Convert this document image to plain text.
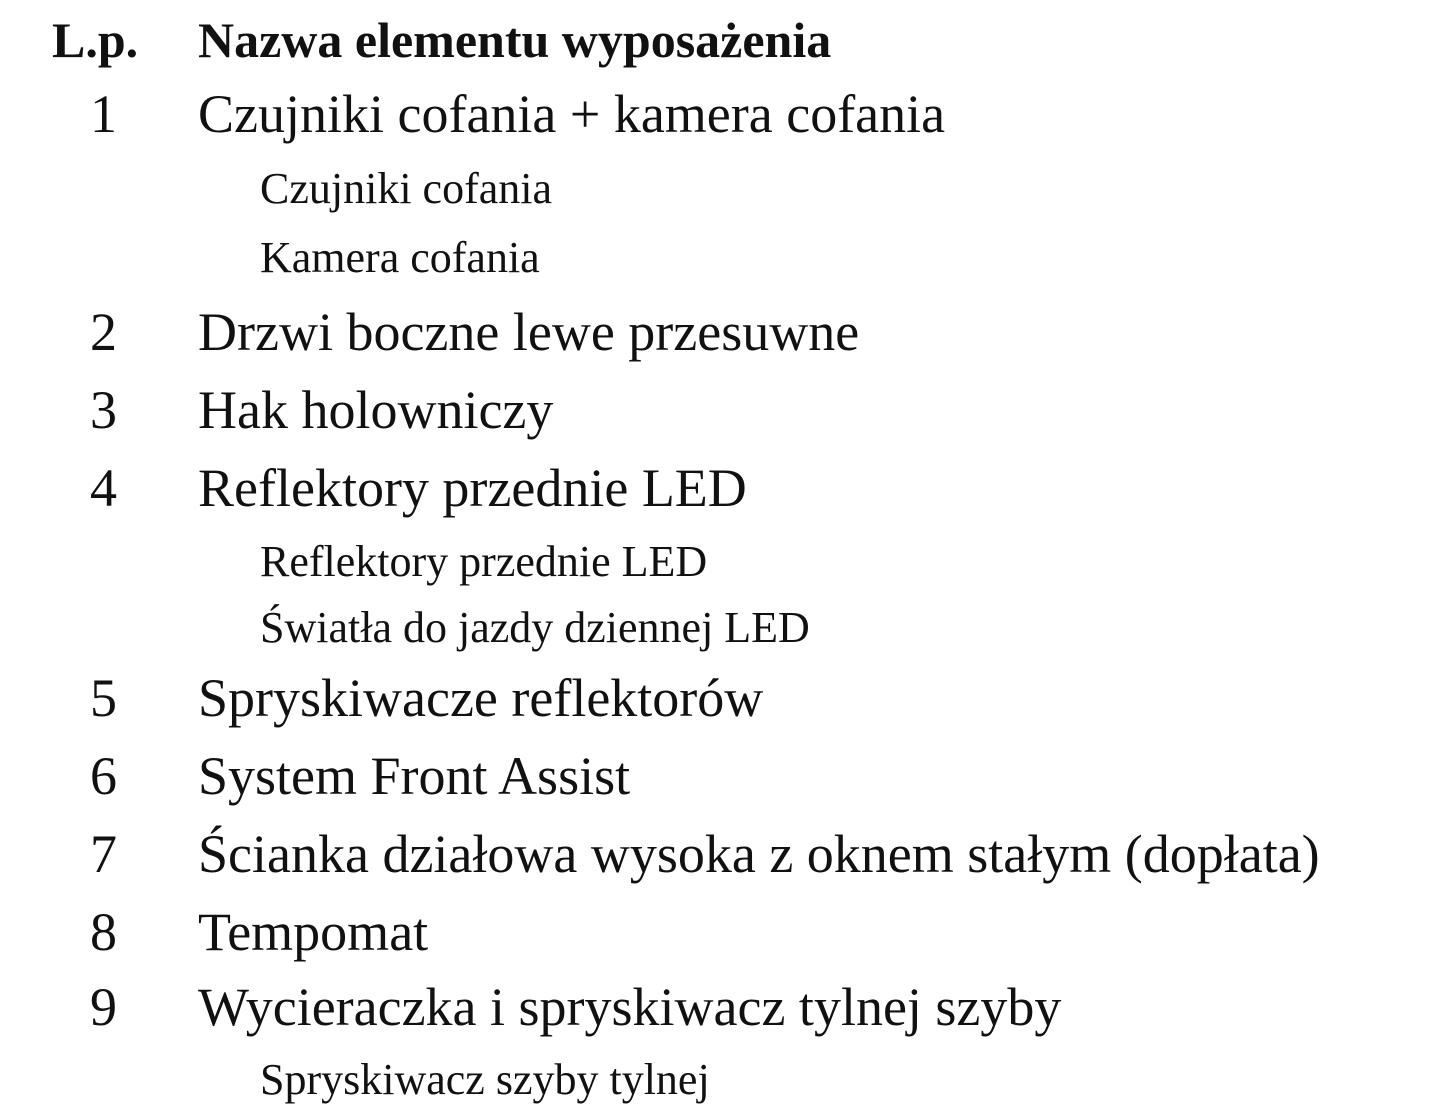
L.p. Nazwa elementu wyposażenia
1 Czujniki cofania + kamera cofania
Czujniki cofania
Kamera cofania
2 Drzwi boczne lewe przesuwne
3 Hak holowniczy
4 Reflektory przednie LED
Reflektory przednie LED
Światła do jazdy dziennej LED
5 Spryskiwacze reflektorów
6 System Front Assist
7 Ścianka działowa wysoka z oknem stałym (dopłata)
8 Tempomat
9 Wycieraczka i spryskiwacz tylnej szyby
Spryskiwacz szyby tylnej
